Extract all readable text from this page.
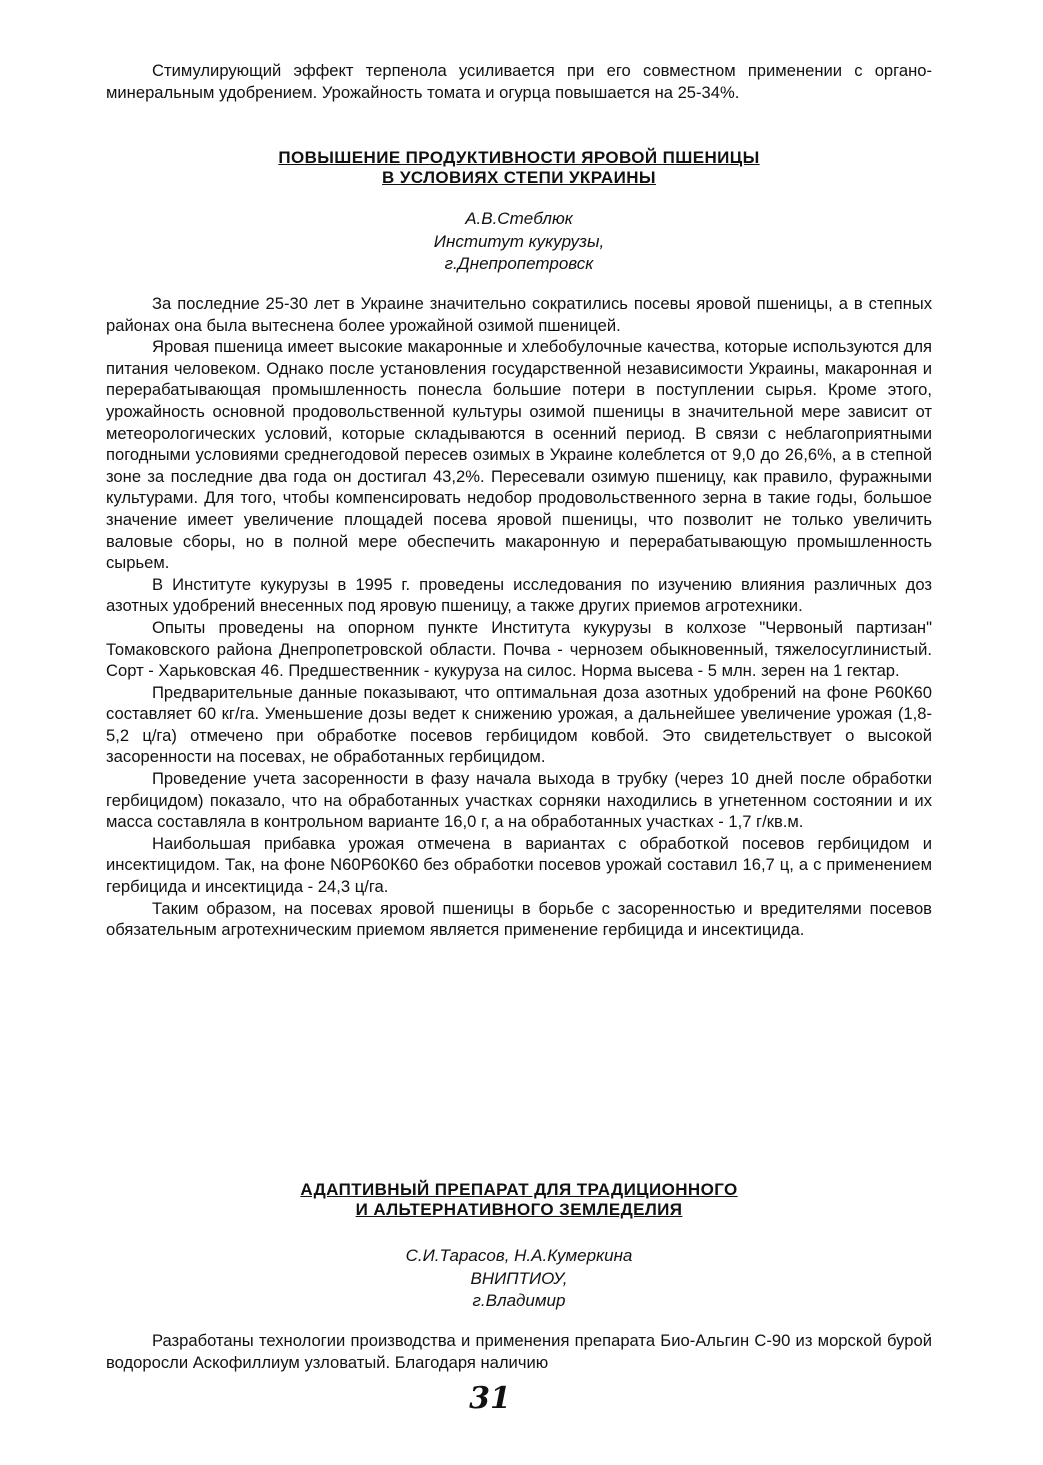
Стимулирующий эффект терпенола усиливается при его совместном применении с органо-минеральным удобрением. Урожайность томата и огурца повышается на 25-34%.

ПОВЫШЕНИЕ ПРОДУКТИВНОСТИ ЯРОВОЙ ПШЕНИЦЫ
В УСЛОВИЯХ СТЕПИ УКРАИНЫ
А.В.Стеблюк
Институт кукурузы,
г.Днепропетровск

За последние 25-30 лет в Украине значительно сократились посевы яровой пшеницы, а в степных районах она была вытеснена более урожайной озимой пшеницей.

Яровая пшеница имеет высокие макаронные и хлебобулочные качества, которые используются для питания человеком. Однако после установления государственной независимости Украины, макаронная и перерабатывающая промышленность понесла большие потери в поступлении сырья. Кроме этого, урожайность основной продовольственной культуры озимой пшеницы в значительной мере зависит от метеорологических условий, которые складываются в осенний период. В связи с неблагоприятными погодными условиями среднегодовой пересев озимых в Украине колеблется от 9,0 до 26,6%, а в степной зоне за последние два года он достигал 43,2%. Пересевали озимую пшеницу, как правило, фуражными культурами. Для того, чтобы компенсировать недобор продовольственного зерна в такие годы, большое значение имеет увеличение площадей посева яровой пшеницы, что позволит не только увеличить валовые сборы, но в полной мере обеспечить макаронную и перерабатывающую промышленность сырьем.

В Институте кукурузы в 1995 г. проведены исследования по изучению влияния различных доз азотных удобрений внесенных под яровую пшеницу, а также других приемов агротехники.

Опыты проведены на опорном пункте Института кукурузы в колхозе "Червоный партизан" Томаковского района Днепропетровской области. Почва - чернозем обыкновенный, тяжелосуглинистый. Сорт - Харьковская 46. Предшественник - кукуруза на силос. Норма высева - 5 млн. зерен на 1 гектар.

Предварительные данные показывают, что оптимальная доза азотных удобрений на фоне Р60К60 составляет 60 кг/га. Уменьшение дозы ведет к снижению урожая, а дальнейшее увеличение урожая (1,8-5,2 ц/га) отмечено при обработке посевов гербицидом ковбой. Это свидетельствует о высокой засоренности на посевах, не обработанных гербицидом.

Проведение учета засоренности в фазу начала выхода в трубку (через 10 дней после обработки гербицидом) показало, что на обработанных участках сорняки находились в угнетенном состоянии и их масса составляла в контрольном варианте 16,0 г, а на обработанных участках - 1,7 г/кв.м.

Наибольшая прибавка урожая отмечена в вариантах с обработкой посевов гербицидом и инсектицидом. Так, на фоне N60Р60К60 без обработки посевов урожай составил 16,7 ц, а с применением гербицида и инсектицида - 24,3 ц/га.

Таким образом, на посевах яровой пшеницы в борьбе с засоренностью и вредителями посевов обязательным агротехническим приемом является применение гербицида и инсектицида.

АДАПТИВНЫЙ ПРЕПАРАТ ДЛЯ ТРАДИЦИОННОГО
И АЛЬТЕРНАТИВНОГО ЗЕМЛЕДЕЛИЯ
С.И.Тарасов, Н.А.Кумеркина
ВНИПТИОУ,
г.Владимир

Разработаны технологии производства и применения препарата Био-Альгин С-90 из морской бурой водоросли Аскофиллиум узловатый. Благодаря наличию

31
